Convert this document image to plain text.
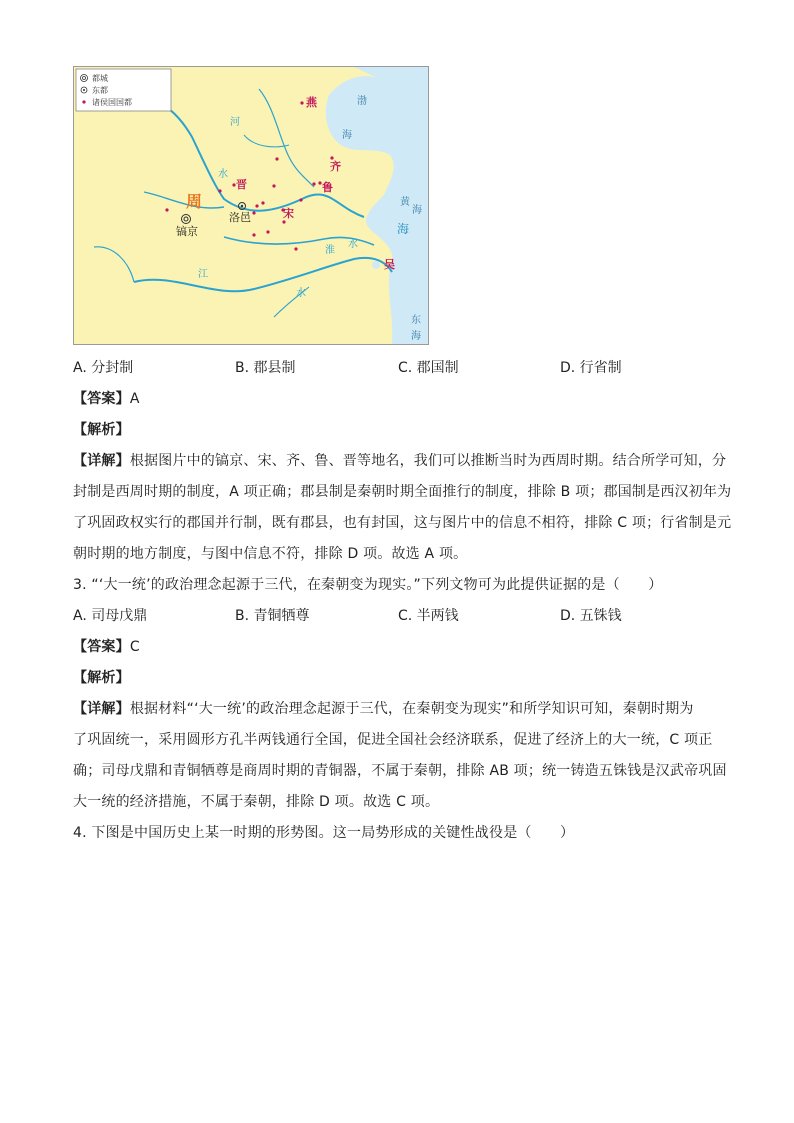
都城
东都
诸侯国国都
周
镐京
洛邑
燕
齐
晋
宋
鲁
吴
河
水
淮
水
江
水
渤
海
黄
海
海
东
海
A. 分封制	B. 郡县制	C. 郡国制	D. 行省制
【答案】A
【解析】
【详解】根据图片中的镐京、宋、齐、鲁、晋等地名，我们可以推断当时为西周时期。结合所学可知，分
封制是西周时期的制度，A 项正确；郡县制是秦朝时期全面推行的制度，排除 B 项；郡国制是西汉初年为
了巩固政权实行的郡国并行制，既有郡县，也有封国，这与图片中的信息不相符，排除 C 项；行省制是元
朝时期的地方制度，与图中信息不符，排除 D 项。故选 A 项。
3. “‘大一统’的政治理念起源于三代，在秦朝变为现实。”下列文物可为此提供证据的是（　　）
A. 司母戊鼎	B. 青铜牺尊	C. 半两钱	D. 五铢钱
【答案】C
【解析】
【详解】根据材料“‘大一统’的政治理念起源于三代，在秦朝变为现实”和所学知识可知，秦朝时期为
了巩固统一，采用圆形方孔半两钱通行全国，促进全国社会经济联系，促进了经济上的大一统，C 项正
确；司母戊鼎和青铜牺尊是商周时期的青铜器，不属于秦朝，排除 AB 项；统一铸造五铢钱是汉武帝巩固
大一统的经济措施，不属于秦朝，排除 D 项。故选 C 项。
4. 下图是中国历史上某一时期的形势图。这一局势形成的关键性战役是（　　）
